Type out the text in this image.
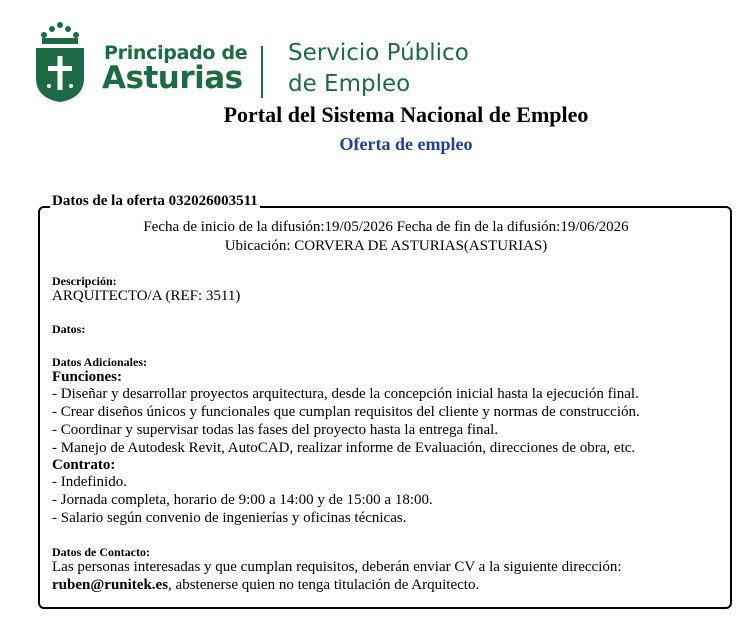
Principado de
Asturias
Servicio Público
de Empleo
Portal del Sistema Nacional de Empleo
Oferta de empleo
Datos de la oferta 032026003511
Fecha de inicio de la difusión:19/05/2026 Fecha de fin de la difusión:19/06/2026
Ubicación: CORVERA DE ASTURIAS(ASTURIAS)
Descripción:
ARQUITECTO/A (REF: 3511)
Datos:
Datos Adicionales:
Funciones:
- Diseñar y desarrollar proyectos arquitectura, desde la concepción inicial hasta la ejecución final.
- Crear diseños únicos y funcionales que cumplan requisitos del cliente y normas de construcción.
- Coordinar y supervisar todas las fases del proyecto hasta la entrega final.
- Manejo de Autodesk Revit, AutoCAD, realizar informe de Evaluación, direcciones de obra, etc.
Contrato:
- Indefinido.
- Jornada completa, horario de 9:00 a 14:00 y de 15:00 a 18:00.
- Salario según convenio de ingenierías y oficinas técnicas.
Datos de Contacto:
Las personas interesadas y que cumplan requisitos, deberán enviar CV a la siguiente dirección:
ruben@runitek.es, abstenerse quien no tenga titulación de Arquitecto.
